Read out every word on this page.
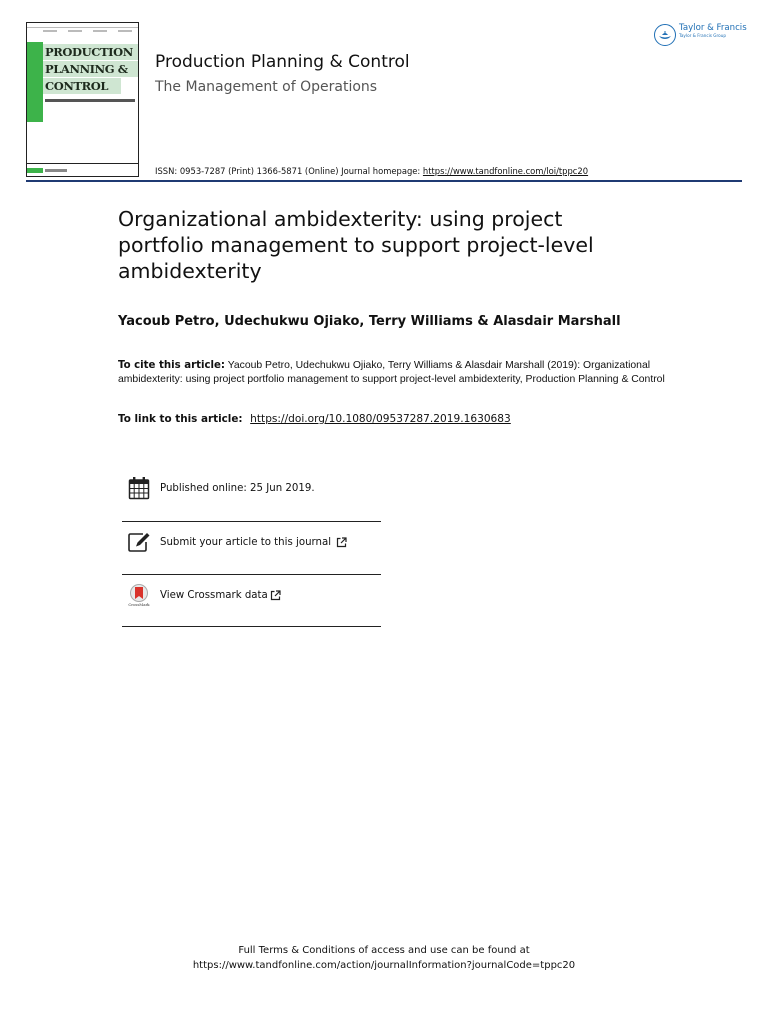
PRODUCTION
PLANNING &
CONTROL
Production Planning & Control
The Management of Operations
Taylor & Francis
Taylor & Francis Group
ISSN: 0953-7287 (Print) 1366-5871 (Online) Journal homepage: https://www.tandfonline.com/loi/tppc20
Organizational ambidexterity: using project
portfolio management to support project-level
ambidexterity
Yacoub Petro, Udechukwu Ojiako, Terry Williams & Alasdair Marshall
To cite this article: Yacoub Petro, Udechukwu Ojiako, Terry Williams & Alasdair Marshall (2019): Organizational ambidexterity: using project portfolio management to support project-level ambidexterity, Production Planning & Control
To link to this article: https://doi.org/10.1080/09537287.2019.1630683
Published online: 25 Jun 2019.
Submit your article to this journal
CrossMark
View Crossmark data
Full Terms & Conditions of access and use can be found at
https://www.tandfonline.com/action/journalInformation?journalCode=tppc20
